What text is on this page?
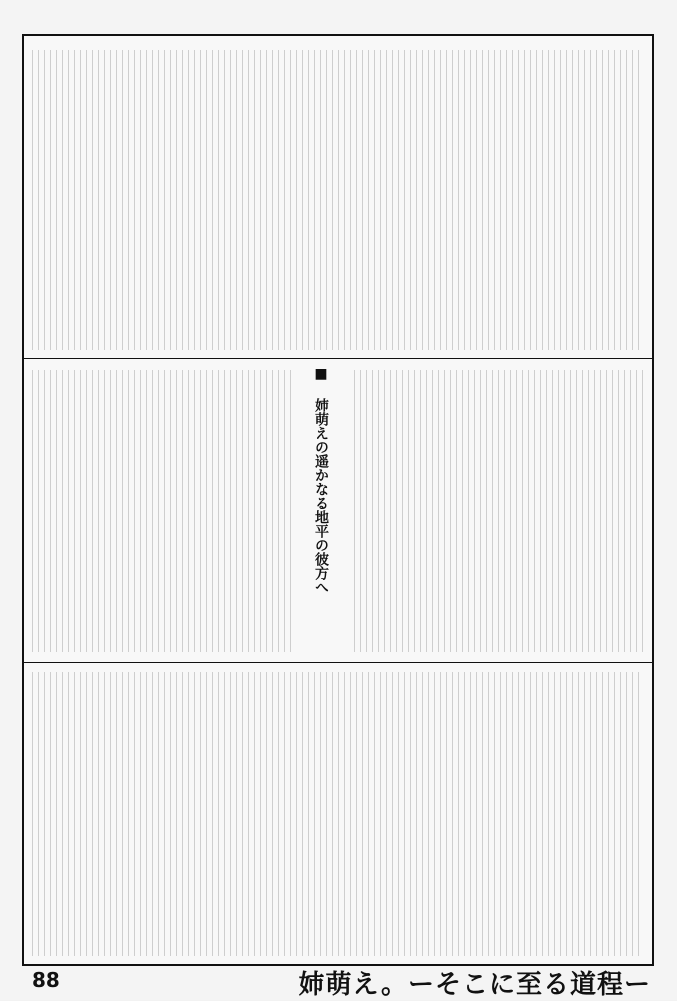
■ 姉萌えの遥かなる地平の彼方へ
88	姉萌え。ーそこに至る道程ー
